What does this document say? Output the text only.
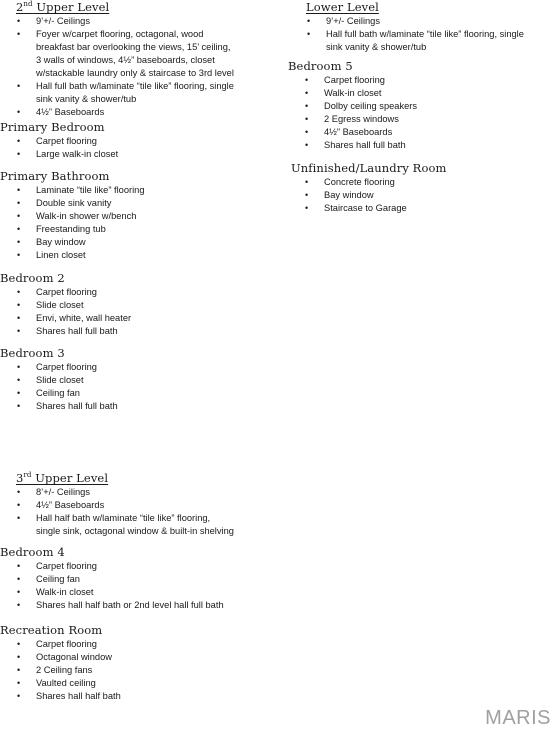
2nd Upper Level
• 9’+/- Ceilings
• Foyer w/carpet flooring, octagonal, wood
breakfast bar overlooking the views, 15’ ceiling,
3 walls of windows, 4½” baseboards, closet
w/stackable laundry only & staircase to 3rd level
• Hall full bath w/laminate “tile like” flooring, single
sink vanity & shower/tub
• 4½” Baseboards
Primary Bedroom
• Carpet flooring
• Large walk-in closet
Primary Bathroom
• Laminate “tile like” flooring
• Double sink vanity
• Walk-in shower w/bench
• Freestanding tub
• Bay window
• Linen closet
Bedroom 2
• Carpet flooring
• Slide closet
• Envi, white, wall heater
• Shares hall full bath
Bedroom 3
• Carpet flooring
• Slide closet
• Ceiling fan
• Shares hall full bath
3rd Upper Level
• 8’+/- Ceilings
• 4½” Baseboards
• Hall half bath w/laminate “tile like” flooring,
single sink, octagonal window & built-in shelving
Bedroom 4
• Carpet flooring
• Ceiling fan
• Walk-in closet
• Shares hall half bath or 2nd level hall full bath
Recreation Room
• Carpet flooring
• Octagonal window
• 2 Ceiling fans
• Vaulted ceiling
• Shares hall half bath
Lower Level
• 9’+/- Ceilings
• Hall full bath w/laminate “tile like” flooring, single
sink vanity & shower/tub
Bedroom 5
• Carpet flooring
• Walk-in closet
• Dolby ceiling speakers
• 2 Egress windows
• 4½” Baseboards
• Shares hall full bath
Unfinished/Laundry Room
• Concrete flooring
• Bay window
• Staircase to Garage
MARIS
